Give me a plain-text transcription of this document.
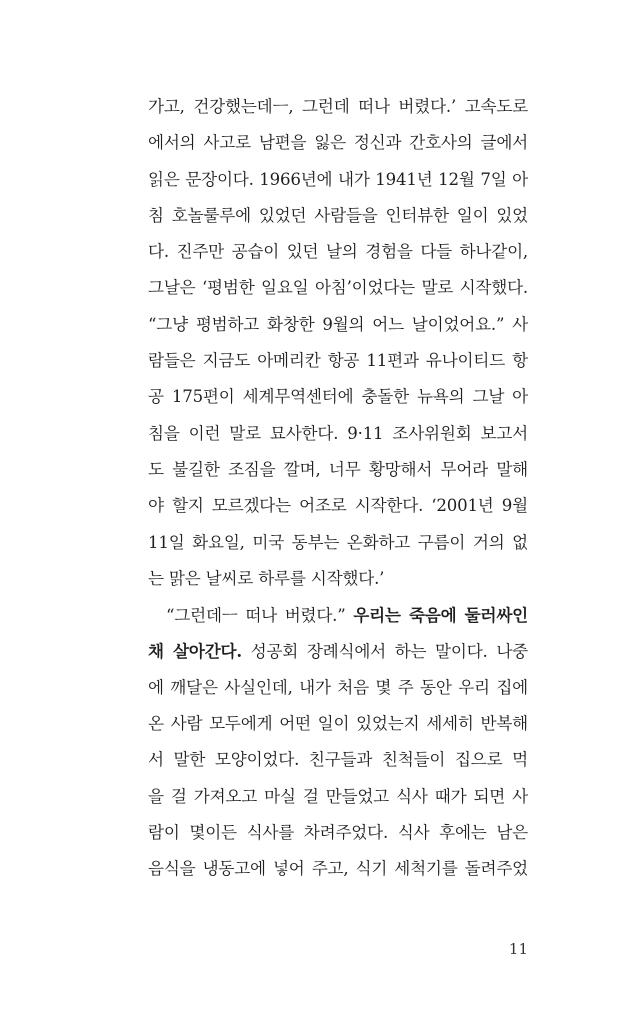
가고, 건강했는데ㅡ, 그런데 떠나 버렸다.’ 고속도로
에서의 사고로 남편을 잃은 정신과 간호사의 글에서
읽은 문장이다. 1966년에 내가 1941년 12월 7일 아
침 호놀룰루에 있었던 사람들을 인터뷰한 일이 있었
다. 진주만 공습이 있던 날의 경험을 다들 하나같이,
그날은 ‘평범한 일요일 아침’이었다는 말로 시작했다.
“그냥 평범하고 화창한 9월의 어느 날이었어요.” 사
람들은 지금도 아메리칸 항공 11편과 유나이티드 항
공 175편이 세계무역센터에 충돌한 뉴욕의 그날 아
침을 이런 말로 묘사한다. 9·11 조사위원회 보고서
도 불길한 조짐을 깔며, 너무 황망해서 무어라 말해
야 할지 모르겠다는 어조로 시작한다. ‘2001년 9월
11일 화요일, 미국 동부는 온화하고 구름이 거의 없
는 맑은 날씨로 하루를 시작했다.’
“그런데ㅡ 떠나 버렸다.” 우리는 죽음에 둘러싸인
채 살아간다. 성공회 장례식에서 하는 말이다. 나중
에 깨달은 사실인데, 내가 처음 몇 주 동안 우리 집에
온 사람 모두에게 어떤 일이 있었는지 세세히 반복해
서 말한 모양이었다. 친구들과 친척들이 집으로 먹
을 걸 가져오고 마실 걸 만들었고 식사 때가 되면 사
람이 몇이든 식사를 차려주었다. 식사 후에는 남은
음식을 냉동고에 넣어 주고, 식기 세척기를 돌려주었
11
